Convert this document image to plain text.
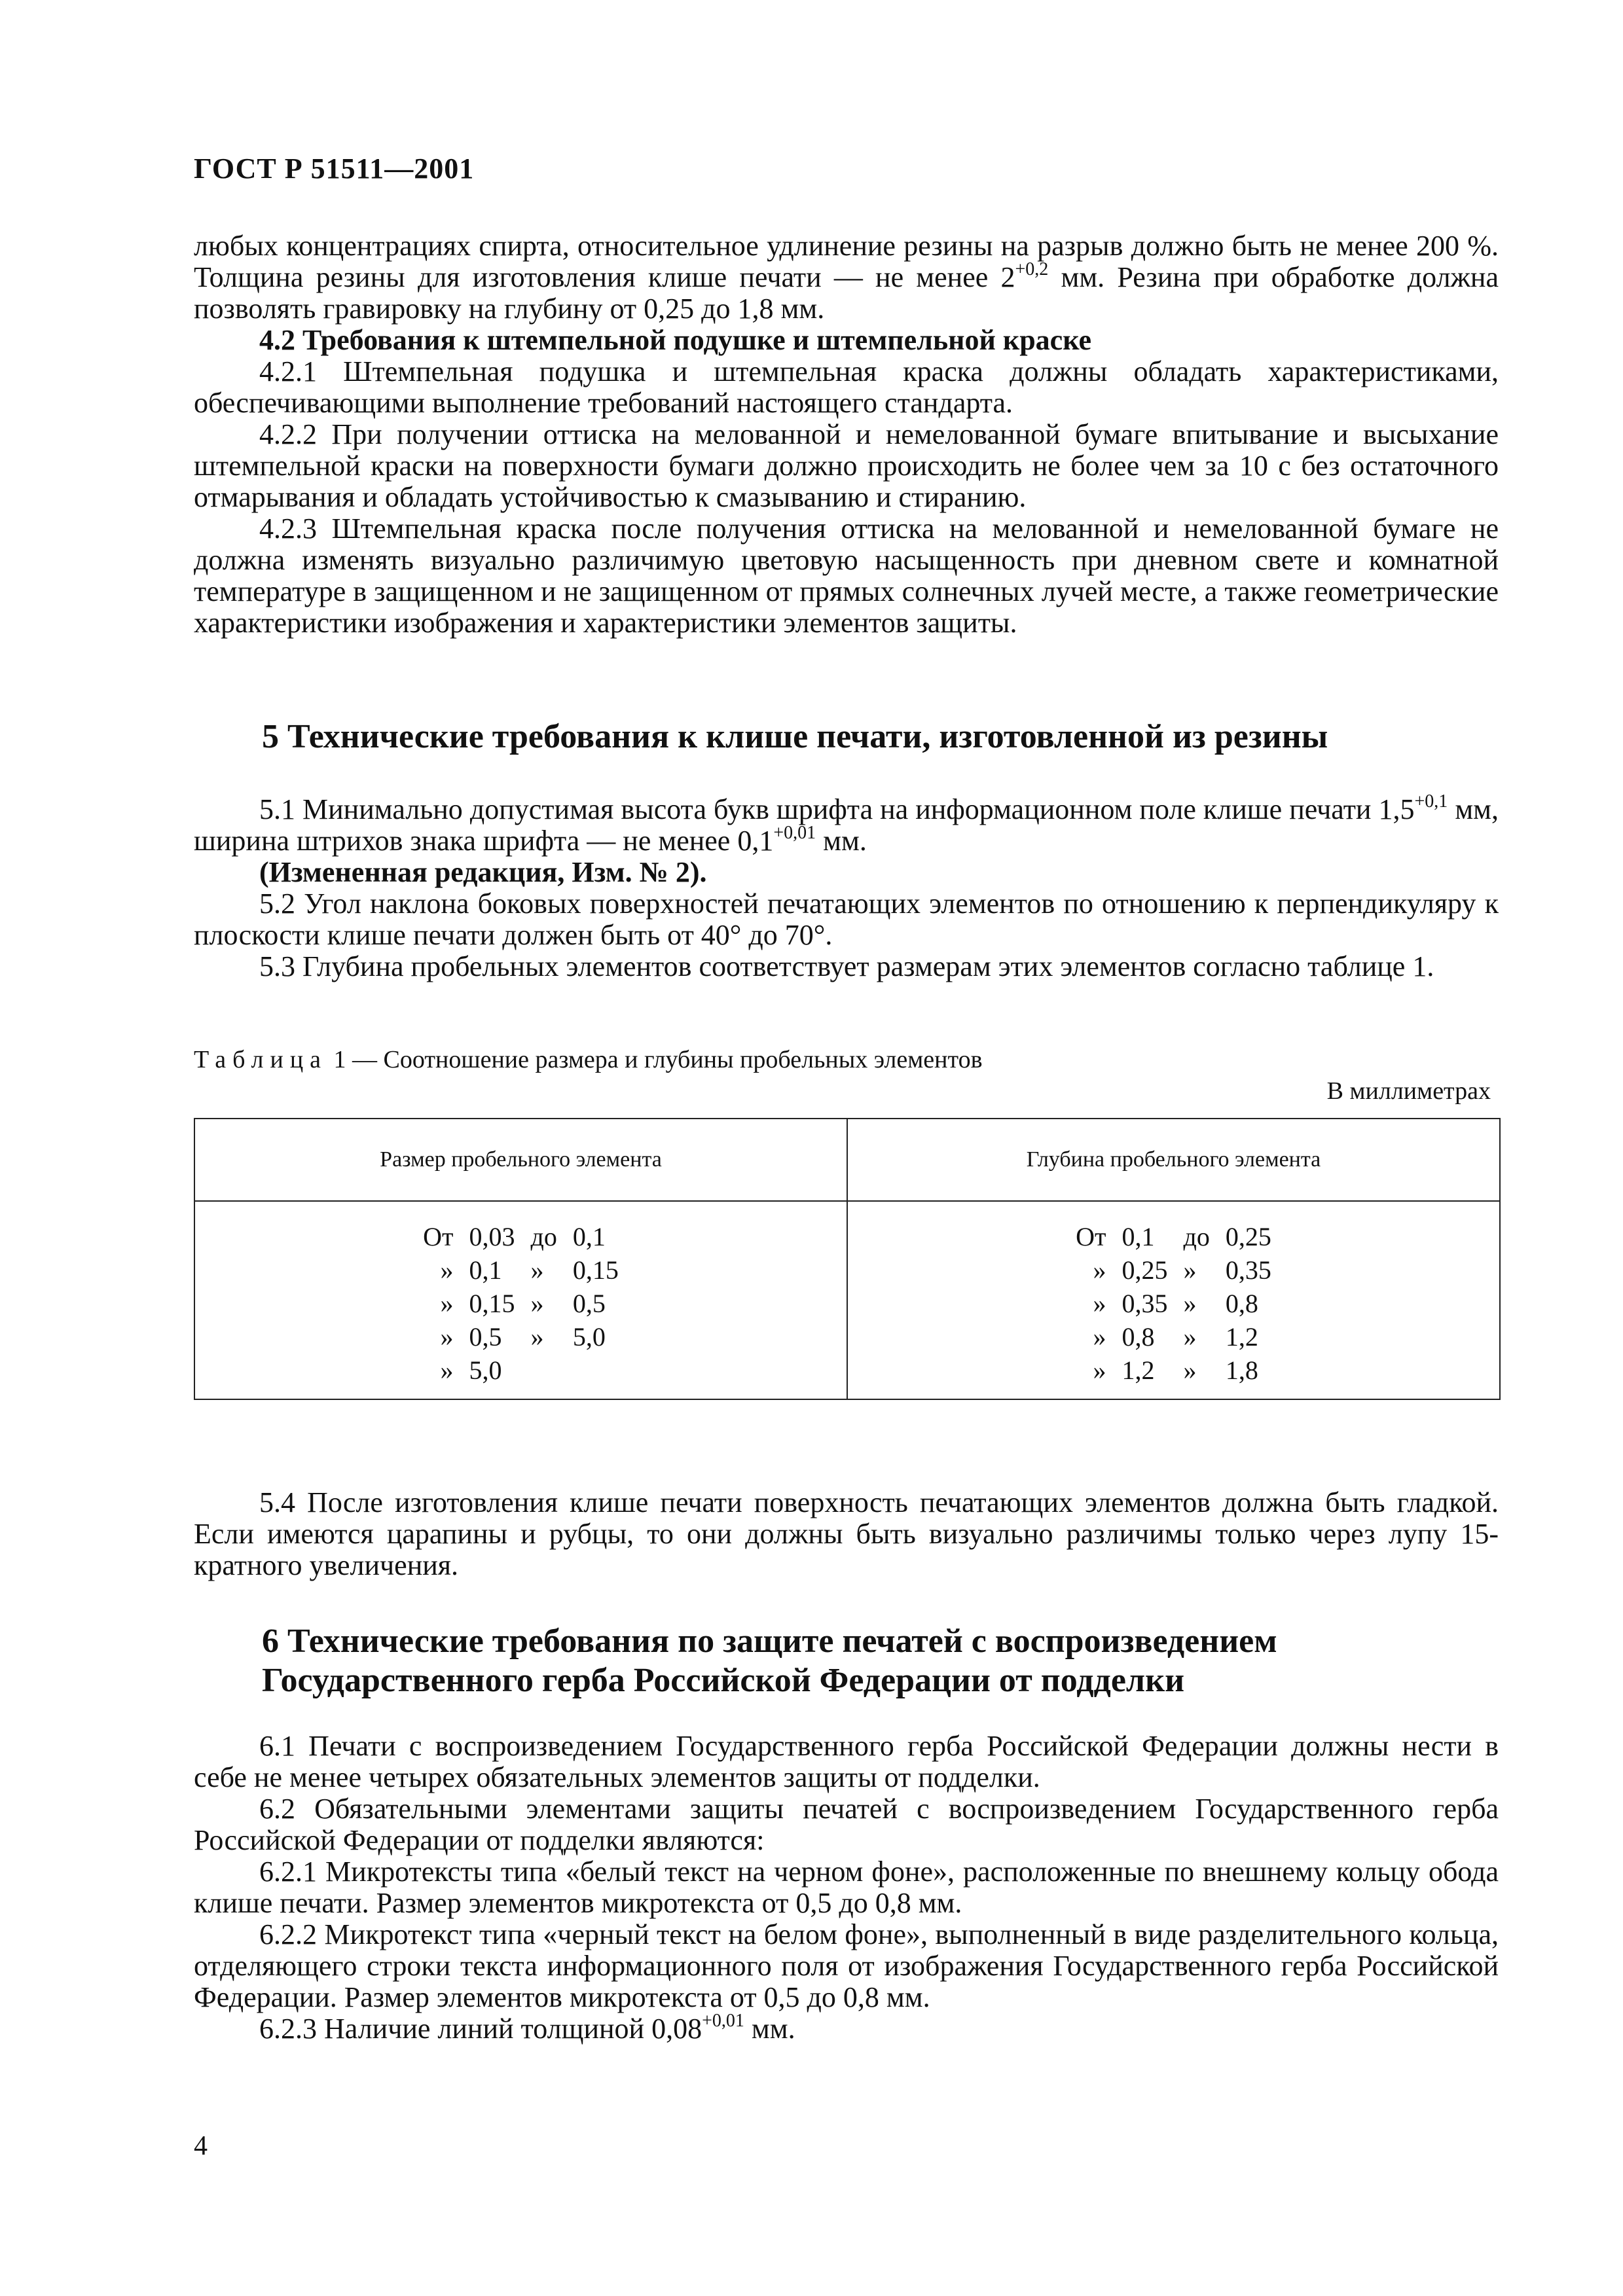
ГОСТ Р 51511—2001

любых концентрациях спирта, относительное удлинение резины на разрыв должно быть не менее 200 %. Толщина резины для изготовления клише печати — не менее $2^{+0,2}$ мм. Резина при обработке должна позволять гравировку на глубину от 0,25 до 1,8 мм.

4.2 Требования к штемпельной подушке и штемпельной краске

4.2.1 Штемпельная подушка и штемпельная краска должны обладать характеристиками, обеспечивающими выполнение требований настоящего стандарта.

4.2.2 При получении оттиска на мелованной и немелованной бумаге впитывание и высыхание штемпельной краски на поверхности бумаги должно происходить не более чем за 10 с без остаточного отмарывания и обладать устойчивостью к смазыванию и стиранию.

4.2.3 Штемпельная краска после получения оттиска на мелованной и немелованной бумаге не должна изменять визуально различимую цветовую насыщенность при дневном свете и комнатной температуре в защищенном и не защищенном от прямых солнечных лучей месте, а также геометрические характеристики изображения и характеристики элементов защиты.

5 Технические требования к клише печати, изготовленной из резины

5.1 Минимально допустимая высота букв шрифта на информационном поле клише печати $1,5^{+0,1}$ мм, ширина штрихов знака шрифта — не менее $0,1^{+0,01}$ мм.

(Измененная редакция, Изм. № 2).

5.2 Угол наклона боковых поверхностей печатающих элементов по отношению к перпендикуляру к плоскости клише печати должен быть от 40° до 70°.

5.3 Глубина пробельных элементов соответствует размерам этих элементов согласно таблице 1.

Таблица 1 — Соотношение размера и глубины пробельных элементов
В миллиметрах
Размер пробельного элемента	Глубина пробельного элемента

От	0,03	до	0,1
»	0,1	»	0,15
»	0,15	»	0,5
»	0,5	»	5,0
»	5,0		

От	0,1	до	0,25
»	0,25	»	0,35
»	0,35	»	0,8
»	0,8	»	1,2
»	1,2	»	1,8

5.4 После изготовления клише печати поверхность печатающих элементов должна быть гладкой. Если имеются царапины и рубцы, то они должны быть визуально различимы только через лупу 15-кратного увеличения.

6 Технические требования по защите печатей с воспроизведением
Государственного герба Российской Федерации от подделки

6.1 Печати с воспроизведением Государственного герба Российской Федерации должны нести в себе не менее четырех обязательных элементов защиты от подделки.

6.2 Обязательными элементами защиты печатей с воспроизведением Государственного герба Российской Федерации от подделки являются:

6.2.1 Микротексты типа «белый текст на черном фоне», расположенные по внешнему кольцу обода клише печати. Размер элементов микротекста от 0,5 до 0,8 мм.

6.2.2 Микротекст типа «черный текст на белом фоне», выполненный в виде разделительного кольца, отделяющего строки текста информационного поля от изображения Государственного герба Российской Федерации. Размер элементов микротекста от 0,5 до 0,8 мм.

6.2.3 Наличие линий толщиной $0,08^{+0,01}$ мм.

4
